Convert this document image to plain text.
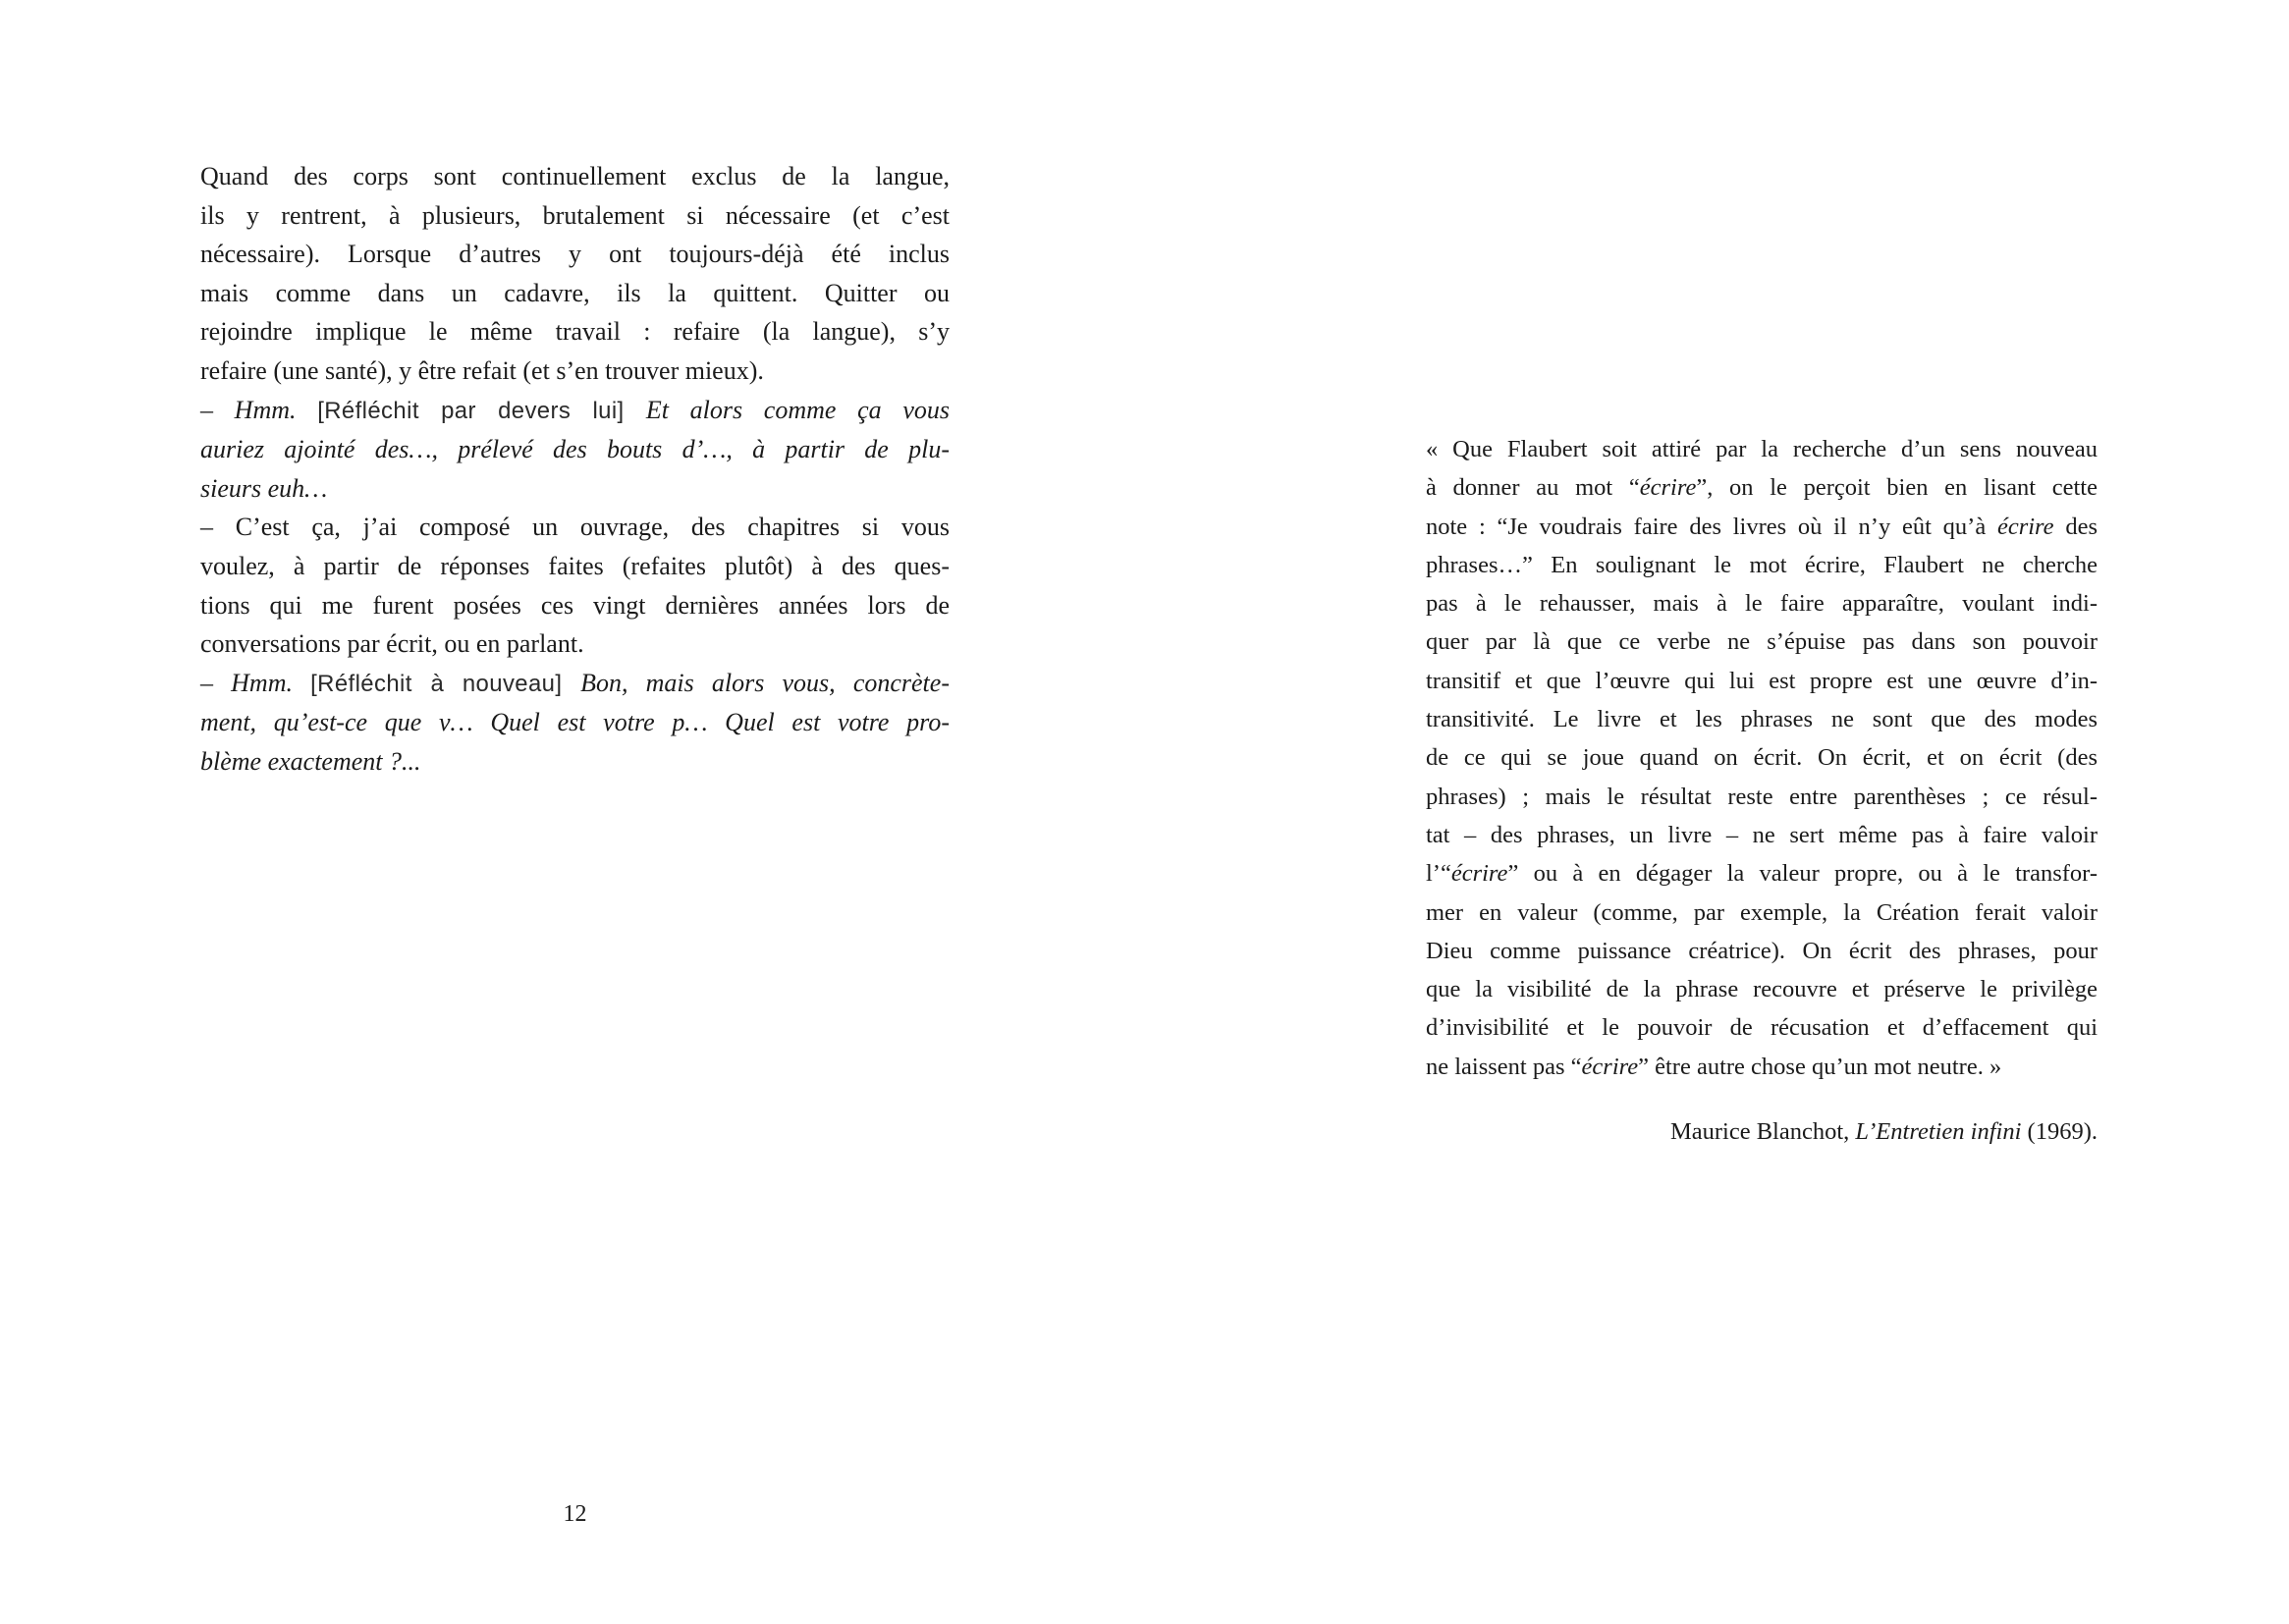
Quand des corps sont continuellement exclus de la langue,
ils y rentrent, à plusieurs, brutalement si nécessaire (et c’est
nécessaire). Lorsque d’autres y ont toujours-déjà été inclus
mais comme dans un cadavre, ils la quittent. Quitter ou
rejoindre implique le même travail : refaire (la langue), s’y
refaire (une santé), y être refait (et s’en trouver mieux).
– Hmm. [Réfléchit par devers lui] Et alors comme ça vous
auriez ajointé des…, prélevé des bouts d’…, à partir de plu-
sieurs euh…
– C’est ça, j’ai composé un ouvrage, des chapitres si vous
voulez, à partir de réponses faites (refaites plutôt) à des ques-
tions qui me furent posées ces vingt dernières années lors de
conversations par écrit, ou en parlant.
– Hmm. [Réfléchit à nouveau] Bon, mais alors vous, concrète-
ment, qu’est-ce que v… Quel est votre p… Quel est votre pro-
blème exactement ?...
« Que Flaubert soit attiré par la recherche d’un sens nouveau
à donner au mot “écrire”, on le perçoit bien en lisant cette
note : “Je voudrais faire des livres où il n’y eût qu’à écrire des
phrases…” En soulignant le mot écrire, Flaubert ne cherche
pas à le rehausser, mais à le faire apparaître, voulant indi-
quer par là que ce verbe ne s’épuise pas dans son pouvoir
transitif et que l’œuvre qui lui est propre est une œuvre d’in-
transitivité. Le livre et les phrases ne sont que des modes
de ce qui se joue quand on écrit. On écrit, et on écrit (des
phrases) ; mais le résultat reste entre parenthèses ; ce résul-
tat – des phrases, un livre – ne sert même pas à faire valoir
l’“écrire” ou à en dégager la valeur propre, ou à le transfor-
mer en valeur (comme, par exemple, la Création ferait valoir
Dieu comme puissance créatrice). On écrit des phrases, pour
que la visibilité de la phrase recouvre et préserve le privilège
d’invisibilité et le pouvoir de récusation et d’effacement qui
ne laissent pas “écrire” être autre chose qu’un mot neutre. »
Maurice Blanchot, L’Entretien infini (1969).
12
